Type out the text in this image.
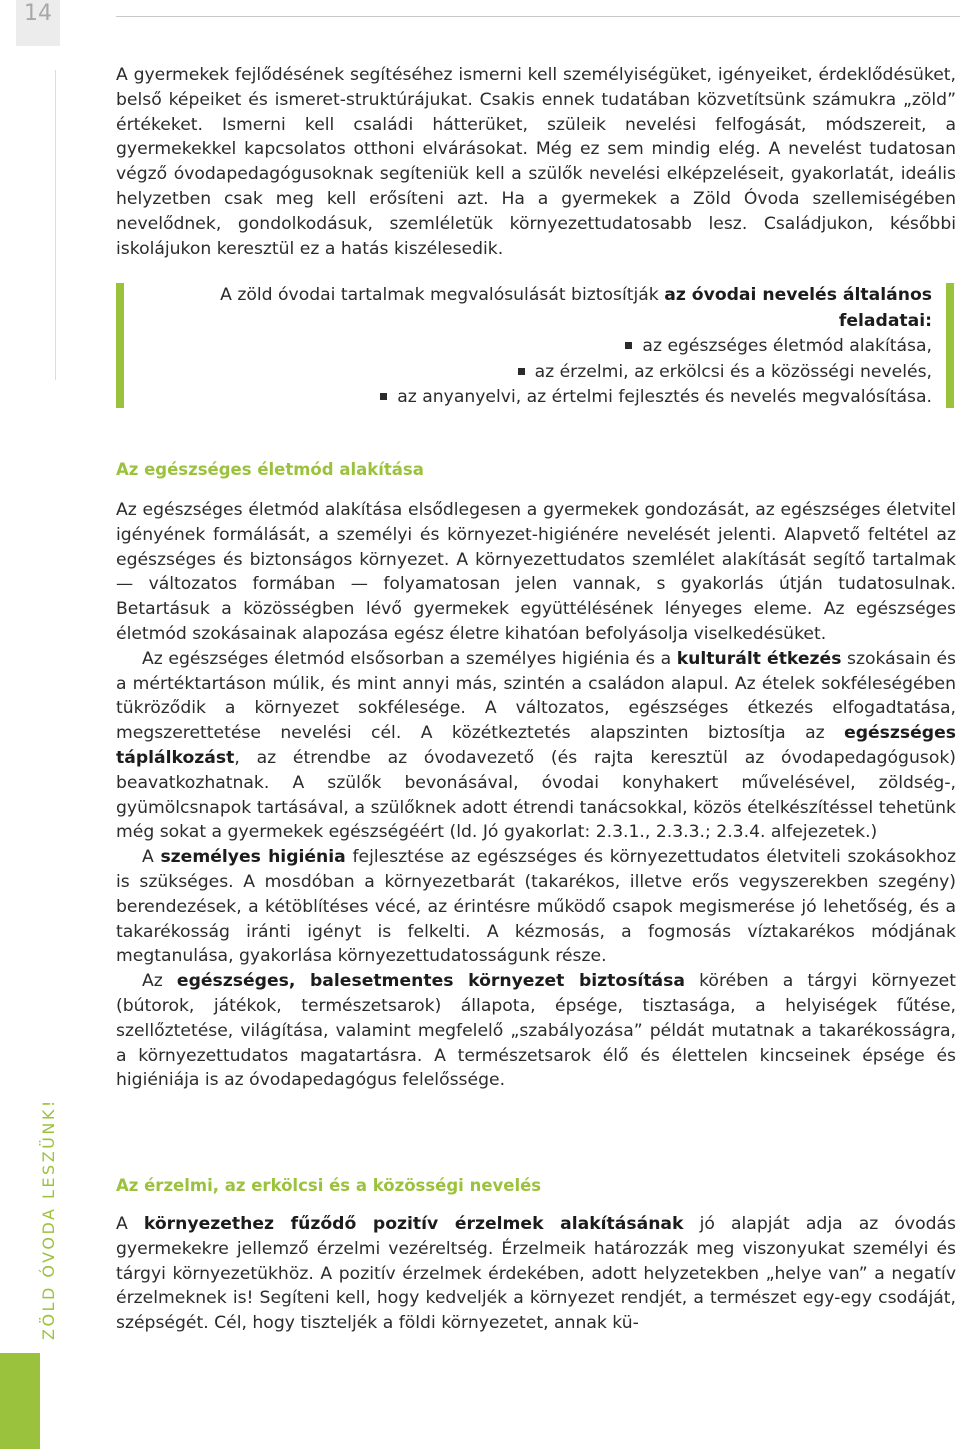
14
ZÖLD ÓVODA LESZÜNK!

A gyermekek fejlődésének segítéséhez ismerni kell személyiségüket, igényeiket, érdeklődésüket, belső képeiket és ismeret-struktúrájukat. Csakis ennek tudatában közvetítsünk számukra „zöld” értékeket. Ismerni kell családi hátterüket, szüleik nevelési felfogását, módszereit, a gyermekekkel kapcsolatos otthoni elvárásokat. Még ez sem mindig elég. A nevelést tudatosan végző óvodapedagógusoknak segíteniük kell a szülők nevelési elképzeléseit, gyakorlatát, ideális helyzetben csak meg kell erősíteni azt. Ha a gyermekek a Zöld Óvoda szellemiségében nevelődnek, gondolkodásuk, szemléletük környezettudatosabb lesz. Családjukon, későbbi iskolájukon keresztül ez a hatás kiszélesedik.

A zöld óvodai tartalmak megvalósulását biztosítják az óvodai nevelés általános
feladatai:
az egészséges életmód alakítása,
az érzelmi, az erkölcsi és a közösségi nevelés,
az anyanyelvi, az értelmi fejlesztés és nevelés megvalósítása.
Az egészséges életmód alakítása

Az egészséges életmód alakítása elsődlegesen a gyermekek gondozását, az egészséges életvitel igényének formálását, a személyi és környezet-higiénére nevelését jelenti. Alapvető feltétel az egészséges és biztonságos környezet. A környezettudatos szemlélet alakítását segítő tartalmak — változatos formában — folyamatosan jelen vannak, s gyakorlás útján tudatosulnak. Betartásuk a közösségben lévő gyermekek együttélésének lényeges eleme. Az egészséges életmód szokásainak alapozása egész életre kihatóan befolyásolja viselkedésüket.

Az egészséges életmód elsősorban a személyes higiénia és a kulturált étkezés szokásain és a mértéktartáson múlik, és mint annyi más, szintén a családon alapul. Az ételek sokféleségében tükröződik a környezet sokfélesége. A változatos, egészséges étkezés elfogadtatása, megszerettetése nevelési cél. A közétkeztetés alapszinten biztosítja az egészséges táplálkozást, az étrendbe az óvodavezető (és rajta keresztül az óvodapedagógusok) beavatkozhatnak. A szülők bevonásával, óvodai konyhakert művelésével, zöldség-, gyümölcsnapok tartásával, a szülőknek adott étrendi tanácsokkal, közös ételkészítéssel tehetünk még sokat a gyermekek egészségéért (ld. Jó gyakorlat: 2.3.1., 2.3.3.; 2.3.4. alfejezetek.)

A személyes higiénia fejlesztése az egészséges és környezettudatos életviteli szokásokhoz is szükséges. A mosdóban a környezetbarát (takarékos, illetve erős vegyszerekben szegény) berendezések, a kétöblítéses vécé, az érintésre működő csapok megismerése jó lehetőség, és a takarékosság iránti igényt is felkelti. A kézmosás, a fogmosás víztakarékos módjának megtanulása, gyakorlása környezettudatosságunk része.

Az egészséges, balesetmentes környezet biztosítása körében a tárgyi környezet (bútorok, játékok, természetsarok) állapota, épsége, tisztasága, a helyiségek fűtése, szellőztetése, világítása, valamint megfelelő „szabályozása” példát mutatnak a takarékosságra, a környezettudatos magatartásra. A természetsarok élő és élettelen kincseinek épsége és higiéniája is az óvodapedagógus felelőssége.

Az érzelmi, az erkölcsi és a közösségi nevelés

A környezethez fűződő pozitív érzelmek alakításának jó alapját adja az óvodás gyermekekre jellemző érzelmi vezéreltség. Érzelmeik határozzák meg viszonyukat személyi és tárgyi környezetükhöz. A pozitív érzelmek érdekében, adott helyzetekben „helye van” a negatív érzelmeknek is! Segíteni kell, hogy kedveljék a környezet rendjét, a természet egy-egy csodáját, szépségét. Cél, hogy tiszteljék a földi környezetet, annak kü-
